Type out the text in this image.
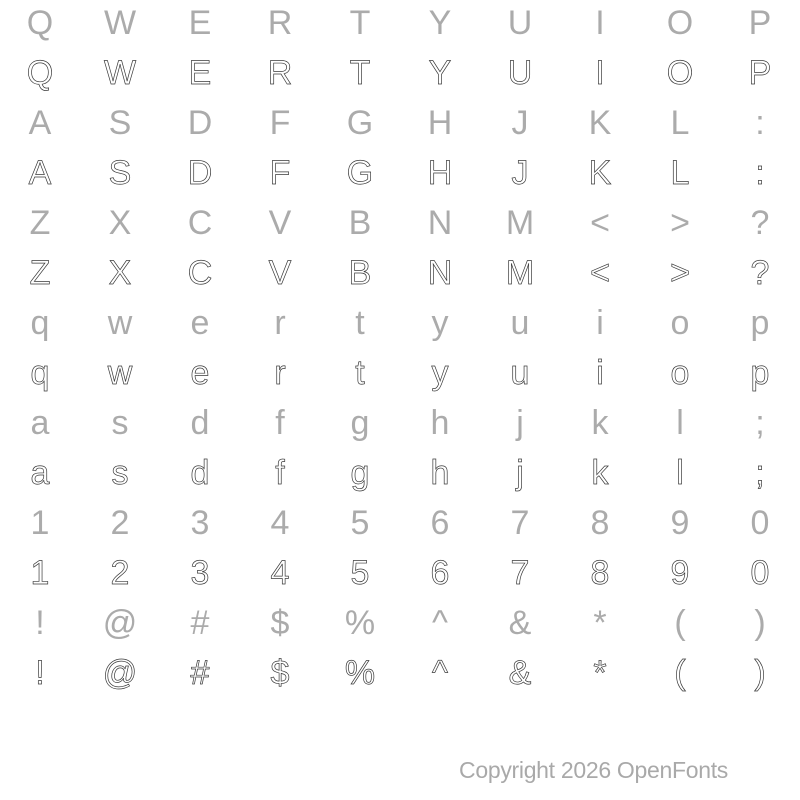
Q	W	E	R	T	Y	U	I	O	P
Q	W	E	R	T	Y	U	I	O	P
A	S	D	F	G	H	J	K	L	:
A	S	D	F	G	H	J	K	L	:
Z	X	C	V	B	N	M	<	>	?
Z	X	C	V	B	N	M	<	>	?
q	w	e	r	t	y	u	i	o	p
q	w	e	r	t	y	u	i	o	p
a	s	d	f	g	h	j	k	l	;
a	s	d	f	g	h	j	k	l	;
1	2	3	4	5	6	7	8	9	0
1	2	3	4	5	6	7	8	9	0
!	@	#	$	%	^	&	*	(	)
!	@	#	$	%	^	&	*	(	)
Copyright 2026 OpenFonts
